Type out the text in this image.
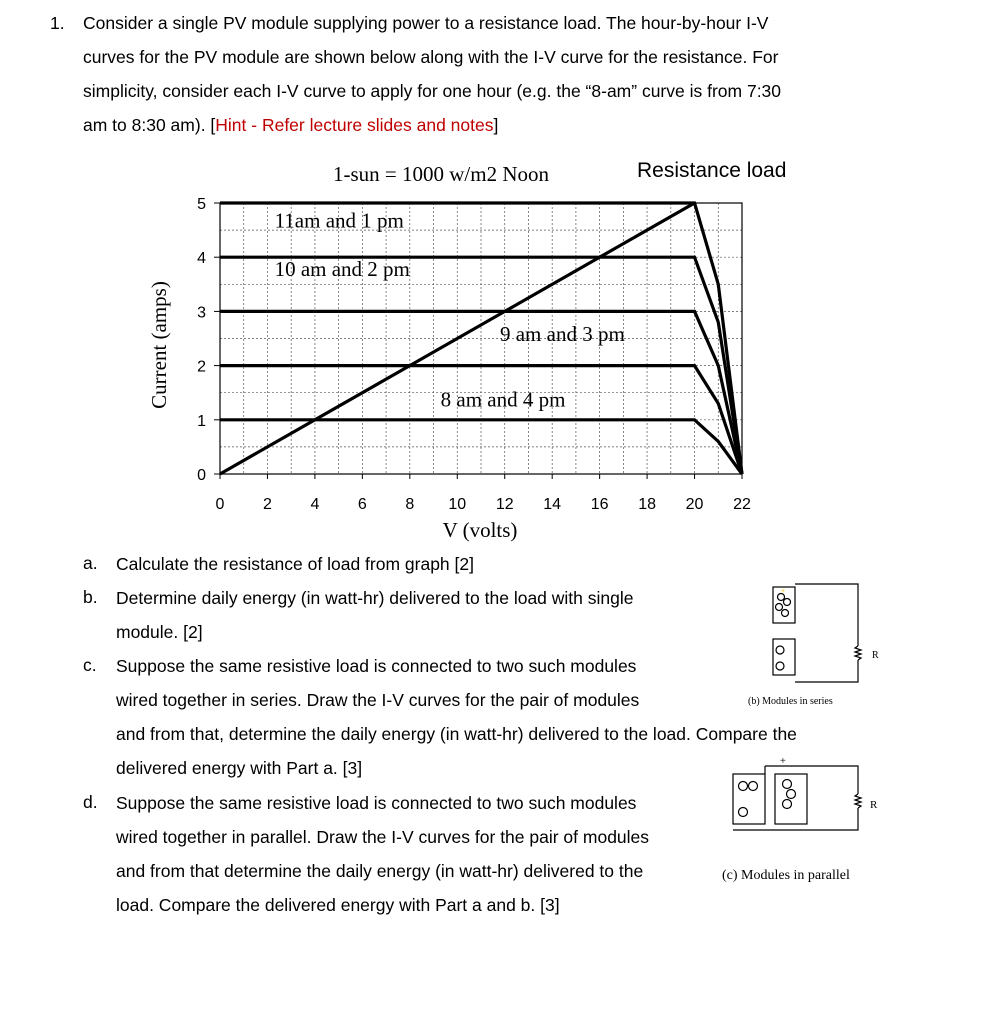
1. Consider a single PV module supplying power to a resistance load. The hour-by-hour I-V
curves for the PV module are shown below along with the I-V curve for the resistance. For
simplicity, consider each I-V curve to apply for one hour (e.g. the “8-am” curve is from 7:30
am to 8:30 am). [Hint - Refer lecture slides and notes]
0 2 4 6 8 10 12 14 16 18 20 22
0
1
2
3
4
5
11am and 1 pm
10 am and 2 pm
9 am and 3 pm
8 am and 4 pm
1-sun = 1000 w/m2 Noon	Resistance load
V (volts)
Current (amps)
a. Calculate the resistance of load from graph [2]
b. Determine daily energy (in watt-hr) delivered to the load with single
module. [2]
c. Suppose the same resistive load is connected to two such modules
wired together in series. Draw the I-V curves for the pair of modules
and from that, determine the daily energy (in watt-hr) delivered to the load. Compare the
delivered energy with Part a. [3]
d. Suppose the same resistive load is connected to two such modules
wired together in parallel. Draw the I-V curves for the pair of modules
and from that determine the daily energy (in watt-hr) delivered to the
load. Compare the delivered energy with Part a and b. [3]
+
R
(b) Modules in series
+
R
(c) Modules in parallel
